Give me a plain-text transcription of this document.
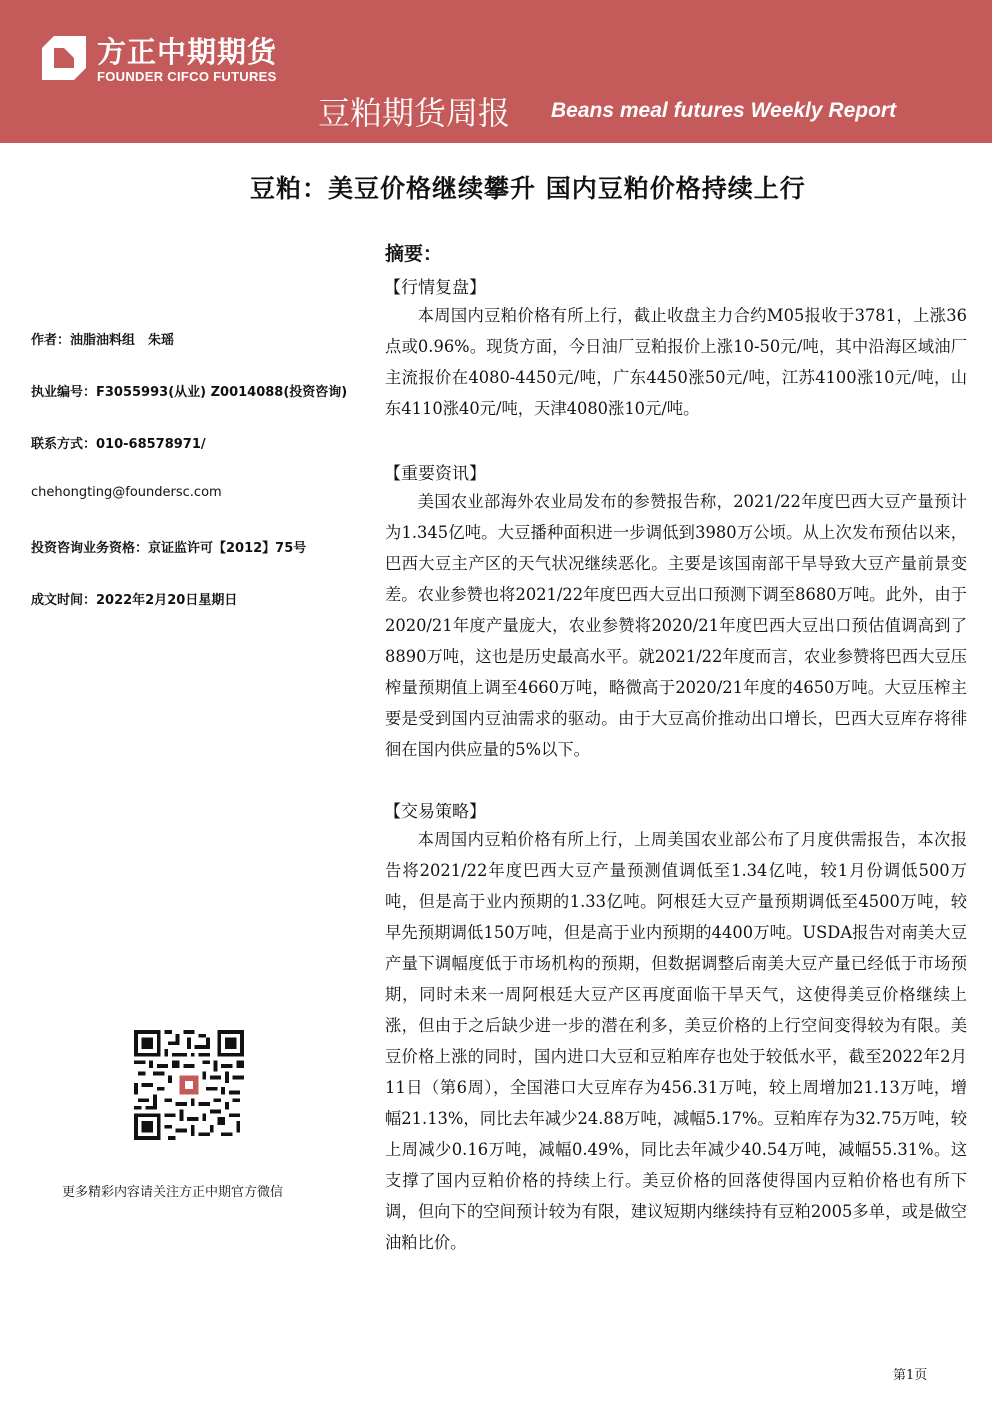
方正中期期货
FOUNDER CIFCO FUTURES
豆粕期货周报 Beans meal futures Weekly Report
豆粕：美豆价格继续攀升 国内豆粕价格持续上行
作者：油脂油料组　朱瑶
执业编号：F3055993(从业) Z0014088(投资咨询)
联系方式：010-68578971/
chehongting@foundersc.com
投资咨询业务资格：京证监许可【2012】75号
成文时间：2022年2月20日星期日
更多精彩内容请关注方正中期官方微信
摘要：
【行情复盘】

本周国内豆粕价格有所上行，截止收盘主力合约M05报收于3781，上涨36点或0.96%。现货方面，今日油厂豆粕报价上涨10-50元/吨，其中沿海区域油厂主流报价在4080-4450元/吨，广东4450涨50元/吨，江苏4100涨10元/吨，山东4110涨40元/吨，天津4080涨10元/吨。

【重要资讯】

美国农业部海外农业局发布的参赞报告称，2021/22年度巴西大豆产量预计为1.345亿吨。大豆播种面积进一步调低到3980万公顷。从上次发布预估以来，巴西大豆主产区的天气状况继续恶化。主要是该国南部干旱导致大豆产量前景变差。农业参赞也将2021/22年度巴西大豆出口预测下调至8680万吨。此外，由于2020/21年度产量庞大，农业参赞将2020/21年度巴西大豆出口预估值调高到了8890万吨，这也是历史最高水平。就2021/22年度而言，农业参赞将巴西大豆压榨量预期值上调至4660万吨，略微高于2020/21年度的4650万吨。大豆压榨主要是受到国内豆油需求的驱动。由于大豆高价推动出口增长，巴西大豆库存将徘徊在国内供应量的5%以下。

【交易策略】

本周国内豆粕价格有所上行，上周美国农业部公布了月度供需报告，本次报告将2021/22年度巴西大豆产量预测值调低至1.34亿吨，较1月份调低500万吨，但是高于业内预期的1.33亿吨。阿根廷大豆产量预期调低至4500万吨，较早先预期调低150万吨，但是高于业内预期的4400万吨。USDA报告对南美大豆产量下调幅度低于市场机构的预期，但数据调整后南美大豆产量已经低于市场预期，同时未来一周阿根廷大豆产区再度面临干旱天气，这使得美豆价格继续上涨，但由于之后缺少进一步的潜在利多，美豆价格的上行空间变得较为有限。美豆价格上涨的同时，国内进口大豆和豆粕库存也处于较低水平，截至2022年2月11日（第6周），全国港口大豆库存为456.31万吨，较上周增加21.13万吨，增幅21.13%，同比去年减少24.88万吨，减幅5.17%。豆粕库存为32.75万吨，较上周减少0.16万吨，减幅0.49%，同比去年减少40.54万吨，减幅55.31%。这支撑了国内豆粕价格的持续上行。美豆价格的回落使得国内豆粕价格也有所下调，但向下的空间预计较为有限，建议短期内继续持有豆粕2005多单，或是做空油粕比价。

第1页
